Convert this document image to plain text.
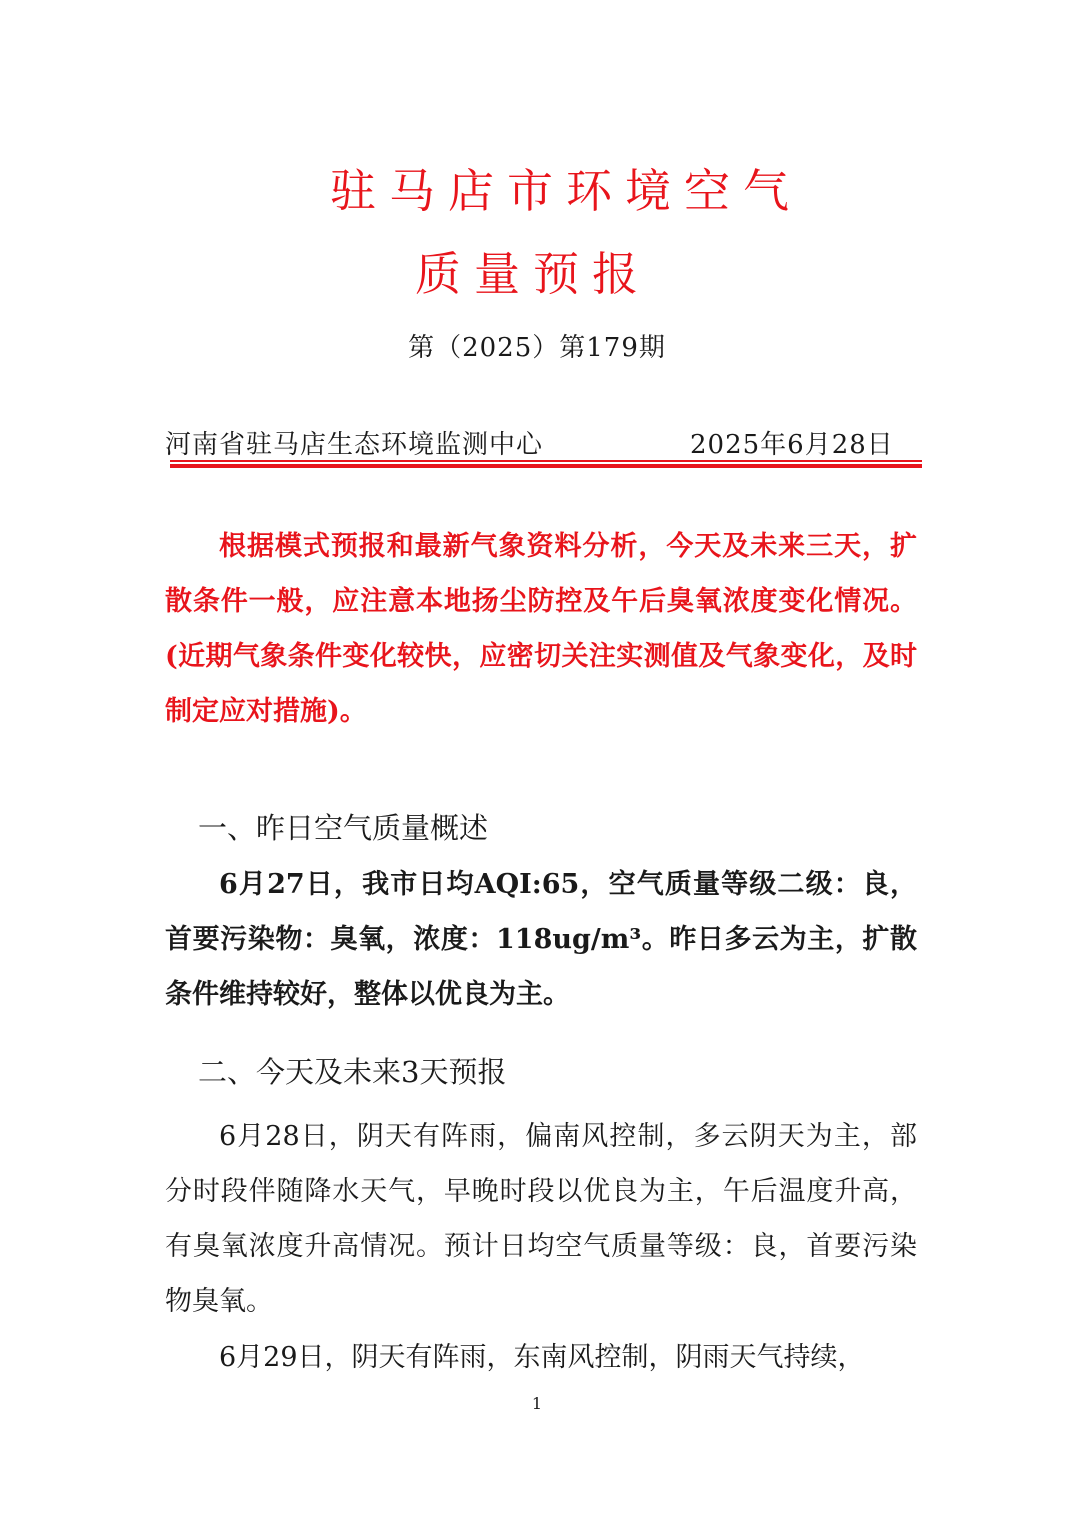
驻马店市环境空气
质量预报
第（2025）第179期
河南省驻马店生态环境监测中心	2025年6月28日

根据模式预报和最新气象资料分析，今天及未来三天，扩散条件一般，应注意本地扬尘防控及午后臭氧浓度变化情况。(近期气象条件变化较快，应密切关注实测值及气象变化，及时制定应对措施)。

一、昨日空气质量概述

6月27日，我市日均AQI:65，空气质量等级二级：良，首要污染物：臭氧，浓度：118ug/m³。昨日多云为主，扩散条件维持较好，整体以优良为主。

二、今天及未来3天预报

6月28日，阴天有阵雨，偏南风控制，多云阴天为主，部分时段伴随降水天气，早晚时段以优良为主，午后温度升高，有臭氧浓度升高情况。预计日均空气质量等级：良，首要污染物臭氧。

6月29日，阴天有阵雨，东南风控制，阴雨天气持续，

1
